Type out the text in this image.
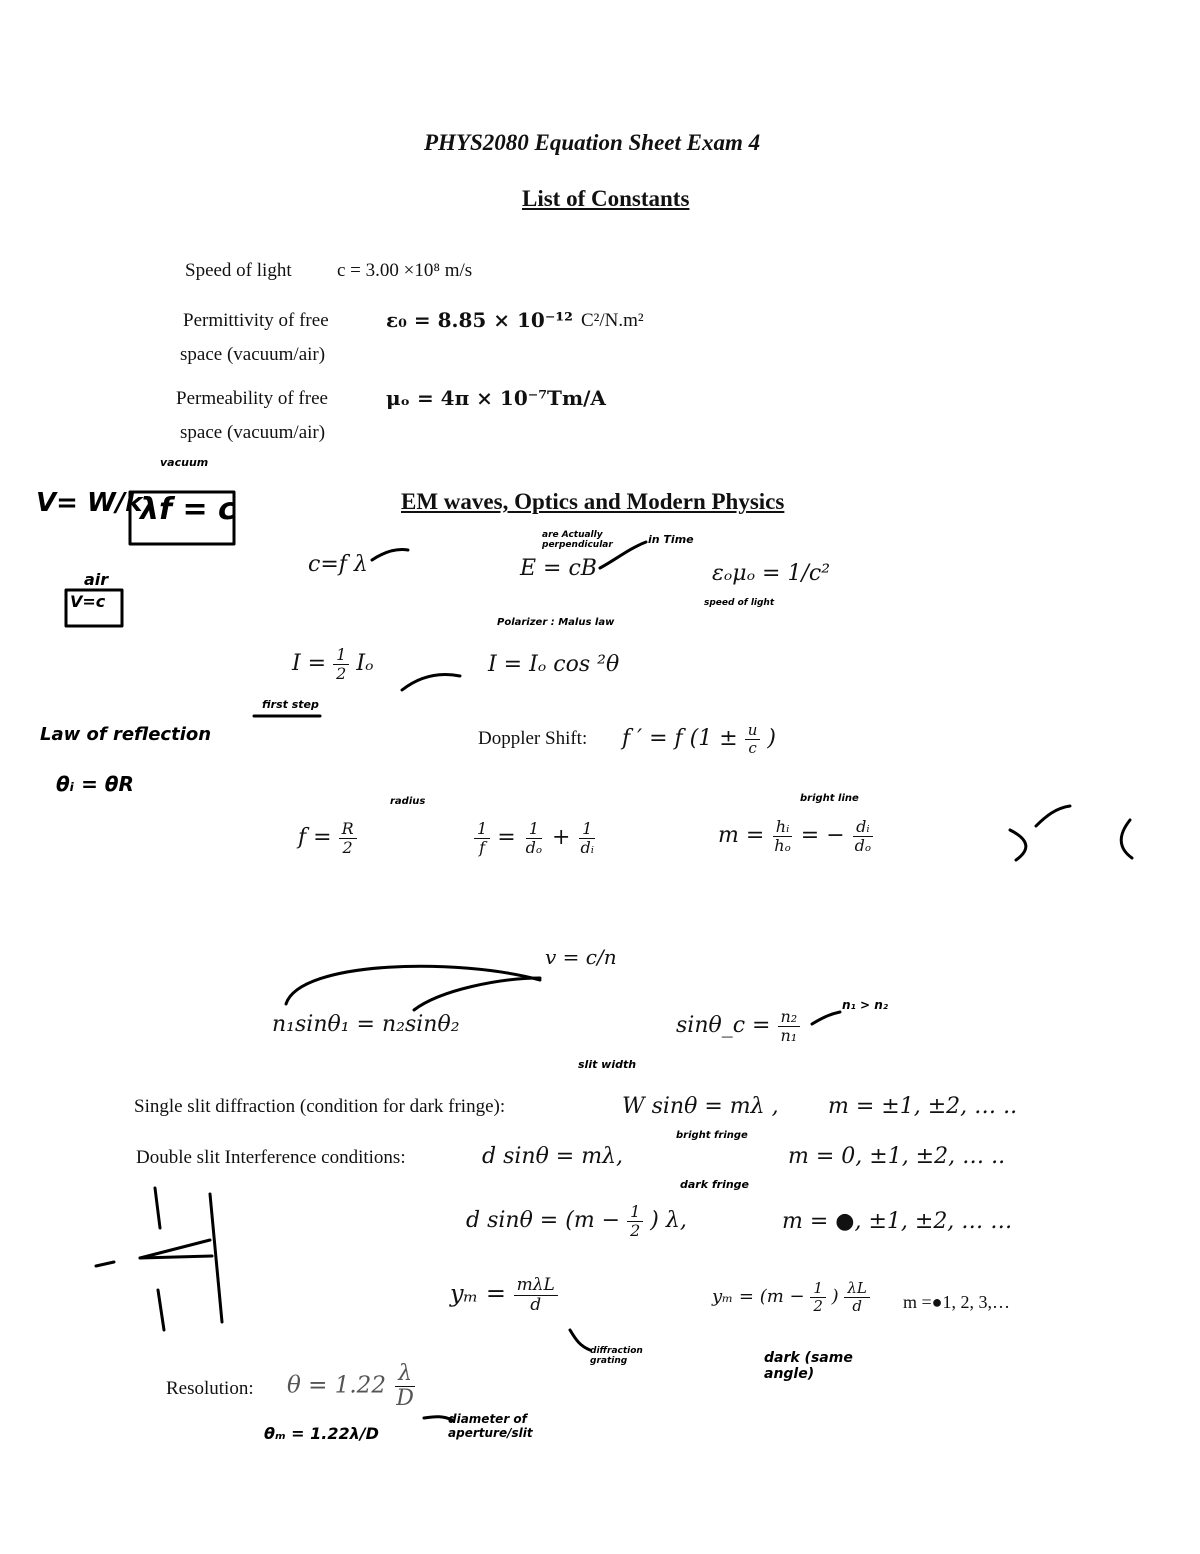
PHYS2080 Equation Sheet Exam 4
List of Constants
Speed of light c = 3.00 ×10⁸ m/s
Permittivity of free
space (vacuum/air)
ε₀ = 8.85 × 10⁻¹² C²/N.m²
Permeability of free
space (vacuum/air)
μₒ = 4π × 10⁻⁷Tm/A
EM waves, Optics and Modern Physics
c=f λ	E = cB	εₒμₒ = 1/c²
$I = \frac{1}{2}$ Iₒ	I = Iₒ cos ²θ
Doppler Shift: f ′ = f ($1 \pm \frac{u}{c}$ )
$f = \frac{R}{2}$	$\frac{1}{f} = \frac{1}{\text{dₒ}} + \frac{1}{\text{dᵢ}}$	$m = \frac{\text{hᵢ}}{\text{hₒ}}$ = − $\frac{\text{dᵢ}}{\text{dₒ}}$
v = c/n
n₁sinθ₁ = n₂sinθ₂	sinθ_c = $\frac{\text{n₂}}{\text{n₁}}$
Single slit diffraction (condition for dark fringe):	W sinθ = mλ , m = ±1, ±2, … ..
Double slit Interference conditions:	d sinθ = mλ,	m = 0, ±1, ±2, … ..
d $\sin\theta = (m - \frac{1}{2}$ ) λ,	m = ●, ±1, ±2, … …
$y_m = \frac{\text{mλL}}{d}$	$y_m = (m - \frac{1}{2}$ ) $\frac{\lambda L}{d}$ m =●1, 2, 3,…
Resolution: $\theta = 1.22 \frac{\lambda}{D}$
vacuum
V= W/k
λf = c
air
V=c
Law of reflection
θᵢ = θR
first step
Polarizer : Malus law
in Time
are Actually perpendicular
speed of light
bright line
radius
n₁ > n₂
slit width
bright fringe
dark fringe
diffraction grating	dark (same angle)
θₘ = 1.22λ/D
diameter of aperture/slit
